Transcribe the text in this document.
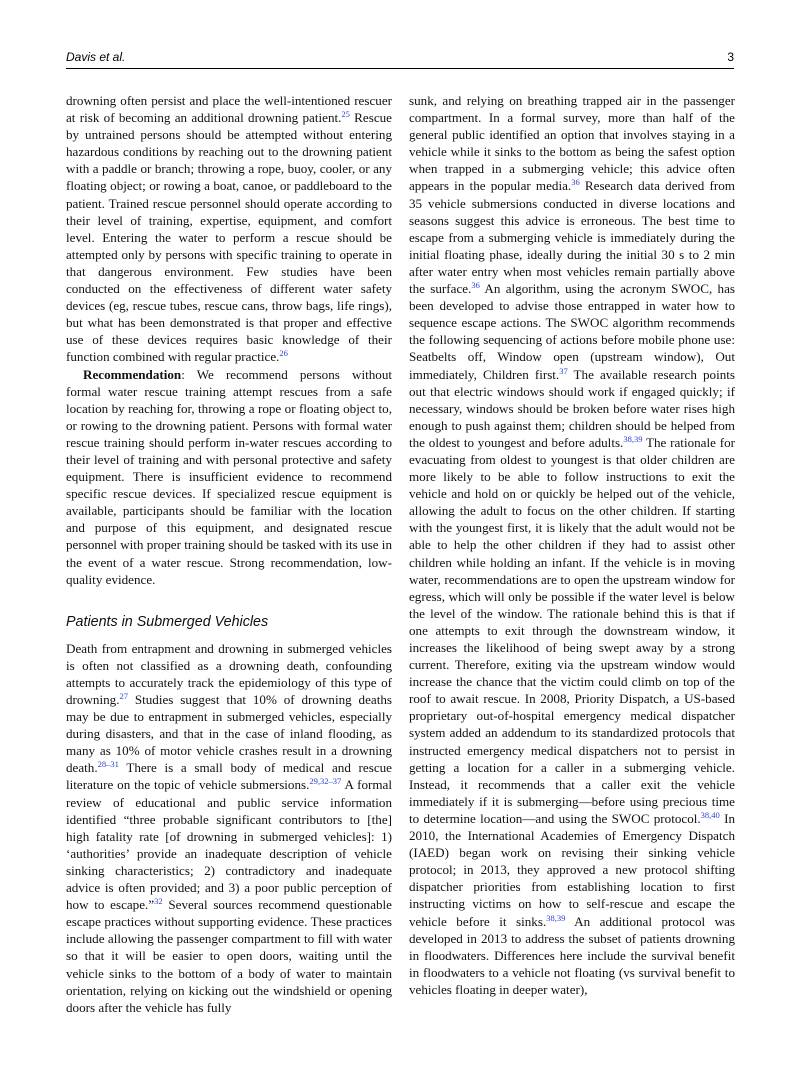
Davis et al.	3

drowning often persist and place the well-intentioned rescuer at risk of becoming an additional drowning patient.$^{25}$ Rescue by untrained persons should be attempted without entering hazardous conditions by reaching out to the drowning patient with a paddle or branch; throwing a rope, buoy, cooler, or any floating object; or rowing a boat, canoe, or paddleboard to the patient. Trained rescue personnel should operate according to their level of training, expertise, equipment, and comfort level. Entering the water to perform a rescue should be attempted only by persons with specific training to operate in that dangerous environment. Few studies have been conducted on the effectiveness of different water safety devices (eg, rescue tubes, rescue cans, throw bags, life rings), but what has been demonstrated is that proper and effective use of these devices requires basic knowledge of their function combined with regular practice.$^{26}$

Recommendation: We recommend persons without formal water rescue training attempt rescues from a safe location by reaching for, throwing a rope or floating object to, or rowing to the drowning patient. Persons with formal water rescue training should perform in-water rescues according to their level of training and with personal protective and safety equipment. There is insufficient evidence to recommend specific rescue devices. If specialized rescue equipment is available, participants should be familiar with the location and purpose of this equipment, and designated rescue personnel with proper training should be tasked with its use in the event of a water rescue. Strong recommendation, low-quality evidence.

Patients in Submerged Vehicles

Death from entrapment and drowning in submerged vehicles is often not classified as a drowning death, confounding attempts to accurately track the epidemiology of this type of drowning.$^{27}$ Studies suggest that 10% of drowning deaths may be due to entrapment in submerged vehicles, especially during disasters, and that in the case of inland flooding, as many as 10% of motor vehicle crashes result in a drowning death.$^{28-31}$ There is a small body of medical and rescue literature on the topic of vehicle submersions.$^{29,32-37}$ A formal review of educational and public service information identified “three probable significant contributors to [the] high fatality rate [of drowning in submerged vehicles]: 1) ‘authorities’ provide an inadequate description of vehicle sinking characteristics; 2) contradictory and inadequate advice is often provided; and 3) a poor public perception of how to escape.”$^{32}$ Several sources recommend questionable escape practices without supporting evidence. These practices include allowing the passenger compartment to fill with water so that it will be easier to open doors, waiting until the vehicle sinks to the bottom of a body of water to maintain orientation, relying on kicking out the windshield or opening doors after the vehicle has fully

sunk, and relying on breathing trapped air in the passenger compartment. In a formal survey, more than half of the general public identified an option that involves staying in a vehicle while it sinks to the bottom as being the safest option when trapped in a submerging vehicle; this advice often appears in the popular media.$^{36}$ Research data derived from 35 vehicle submersions conducted in diverse locations and seasons suggest this advice is erroneous. The best time to escape from a submerging vehicle is immediately during the initial floating phase, ideally during the initial 30 s to 2 min after water entry when most vehicles remain partially above the surface.$^{36}$ An algorithm, using the acronym SWOC, has been developed to advise those entrapped in water how to sequence escape actions. The SWOC algorithm recommends the following sequencing of actions before mobile phone use: Seatbelts off, Window open (upstream window), Out immediately, Children first.$^{37}$ The available research points out that electric windows should work if engaged quickly; if necessary, windows should be broken before water rises high enough to push against them; children should be helped from the oldest to youngest and before adults.$^{38,39}$ The rationale for evacuating from oldest to youngest is that older children are more likely to be able to follow instructions to exit the vehicle and hold on or quickly be helped out of the vehicle, allowing the adult to focus on the other children. If starting with the youngest first, it is likely that the adult would not be able to help the other children if they had to assist other children while holding an infant. If the vehicle is in moving water, recommendations are to open the upstream window for egress, which will only be possible if the water level is below the level of the window. The rationale behind this is that if one attempts to exit through the downstream window, it increases the likelihood of being swept away by a strong current. Therefore, exiting via the upstream window would increase the chance that the victim could climb on top of the roof to await rescue. In 2008, Priority Dispatch, a US-based proprietary out-of-hospital emergency medical dispatcher system added an addendum to its standardized protocols that instructed emergency medical dispatchers not to persist in getting a location for a caller in a submerging vehicle. Instead, it recommends that a caller exit the vehicle immediately if it is submerging—before using precious time to determine location—and using the SWOC protocol.$^{38,40}$ In 2010, the International Academies of Emergency Dispatch (IAED) began work on revising their sinking vehicle protocol; in 2013, they approved a new protocol shifting dispatcher priorities from establishing location to first instructing victims on how to self-rescue and escape the vehicle before it sinks.$^{38,39}$ An additional protocol was developed in 2013 to address the subset of patients drowning in floodwaters. Differences here include the survival benefit in floodwaters to a vehicle not floating (vs survival benefit to vehicles floating in deeper water),
